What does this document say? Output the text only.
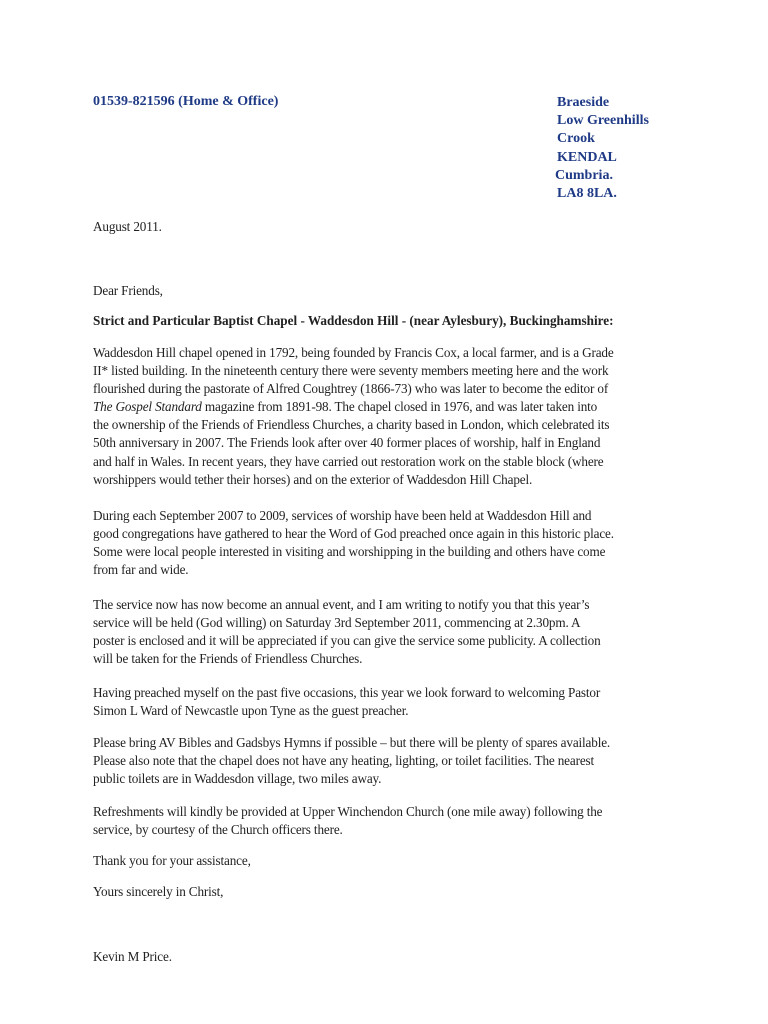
01539-821596 (Home & Office)	Braeside
Low Greenhills
Crook
KENDAL
Cumbria.
LA8 8LA.
August 2011.
Dear Friends,
Strict and Particular Baptist Chapel - Waddesdon Hill - (near Aylesbury), Buckinghamshire:
Waddesdon Hill chapel opened in 1792, being founded by Francis Cox, a local farmer, and is a Grade
II* listed building. In the nineteenth century there were seventy members meeting here and the work
flourished during the pastorate of Alfred Coughtrey (1866-73) who was later to become the editor of
The Gospel Standard magazine from 1891-98. The chapel closed in 1976, and was later taken into
the ownership of the Friends of Friendless Churches, a charity based in London, which celebrated its
50th anniversary in 2007. The Friends look after over 40 former places of worship, half in England
and half in Wales. In recent years, they have carried out restoration work on the stable block (where
worshippers would tether their horses) and on the exterior of Waddesdon Hill Chapel.
During each September 2007 to 2009, services of worship have been held at Waddesdon Hill and
good congregations have gathered to hear the Word of God preached once again in this historic place.
Some were local people interested in visiting and worshipping in the building and others have come
from far and wide.
The service now has now become an annual event, and I am writing to notify you that this year’s
service will be held (God willing) on Saturday 3rd September 2011, commencing at 2.30pm. A
poster is enclosed and it will be appreciated if you can give the service some publicity. A collection
will be taken for the Friends of Friendless Churches.
Having preached myself on the past five occasions, this year we look forward to welcoming Pastor
Simon L Ward of Newcastle upon Tyne as the guest preacher.
Please bring AV Bibles and Gadsbys Hymns if possible – but there will be plenty of spares available.
Please also note that the chapel does not have any heating, lighting, or toilet facilities. The nearest
public toilets are in Waddesdon village, two miles away.
Refreshments will kindly be provided at Upper Winchendon Church (one mile away) following the
service, by courtesy of the Church officers there.
Thank you for your assistance,
Yours sincerely in Christ,
Kevin M Price.
